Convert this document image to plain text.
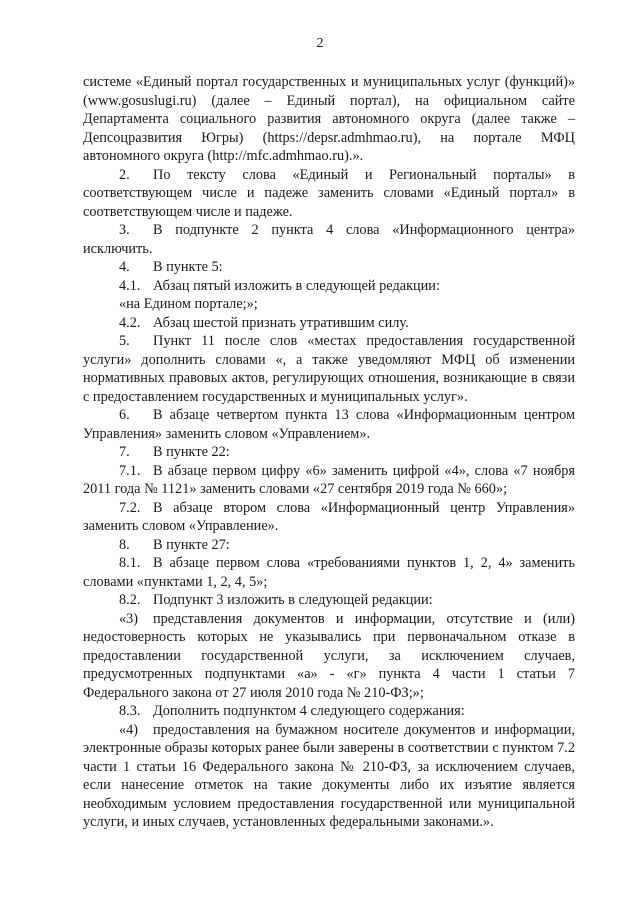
2

системе «Единый портал государственных и муниципальных услуг (функций)» (www.gosuslugi.ru) (далее – Единый портал), на официальном сайте Департамента социального развития автономного округа (далее также – Депсоцразвития Югры) (https://depsr.admhmao.ru), на портале МФЦ автономного округа (http://mfc.admhmao.ru).».

2. По тексту слова «Единый и Региональный порталы» в соответствующем числе и падеже заменить словами «Единый портал» в соответствующем числе и падеже.

3. В подпункте 2 пункта 4 слова «Информационного центра» исключить.

4. В пункте 5:

4.1. Абзац пятый изложить в следующей редакции:

«на Едином портале;»;

4.2. Абзац шестой признать утратившим силу.

5. Пункт 11 после слов «местах предоставления государственной услуги» дополнить словами «, а также уведомляют МФЦ об изменении нормативных правовых актов, регулирующих отношения, возникающие в связи с предоставлением государственных и муниципальных услуг».

6. В абзаце четвертом пункта 13 слова «Информационным центром Управления» заменить словом «Управлением».

7. В пункте 22:

7.1. В абзаце первом цифру «6» заменить цифрой «4», слова «7 ноября 2011 года № 1121» заменить словами «27 сентября 2019 года № 660»;

7.2. В абзаце втором слова «Информационный центр Управления» заменить словом «Управление».

8. В пункте 27:

8.1. В абзаце первом слова «требованиями пунктов 1, 2, 4» заменить словами «пунктами 1, 2, 4, 5»;

8.2. Подпункт 3 изложить в следующей редакции:

«3) представления документов и информации, отсутствие и (или) недостоверность которых не указывались при первоначальном отказе в предоставлении государственной услуги, за исключением случаев, предусмотренных подпунктами «а» - «г» пункта 4 части 1 статьи 7 Федерального закона от 27 июля 2010 года № 210-ФЗ;»;

8.3. Дополнить подпунктом 4 следующего содержания:

«4) предоставления на бумажном носителе документов и информации, электронные образы которых ранее были заверены в соответствии с пунктом 7.2 части 1 статьи 16 Федерального закона № 210-ФЗ, за исключением случаев, если нанесение отметок на такие документы либо их изъятие является необходимым условием предоставления государственной или муниципальной услуги, и иных случаев, установленных федеральными законами.».
